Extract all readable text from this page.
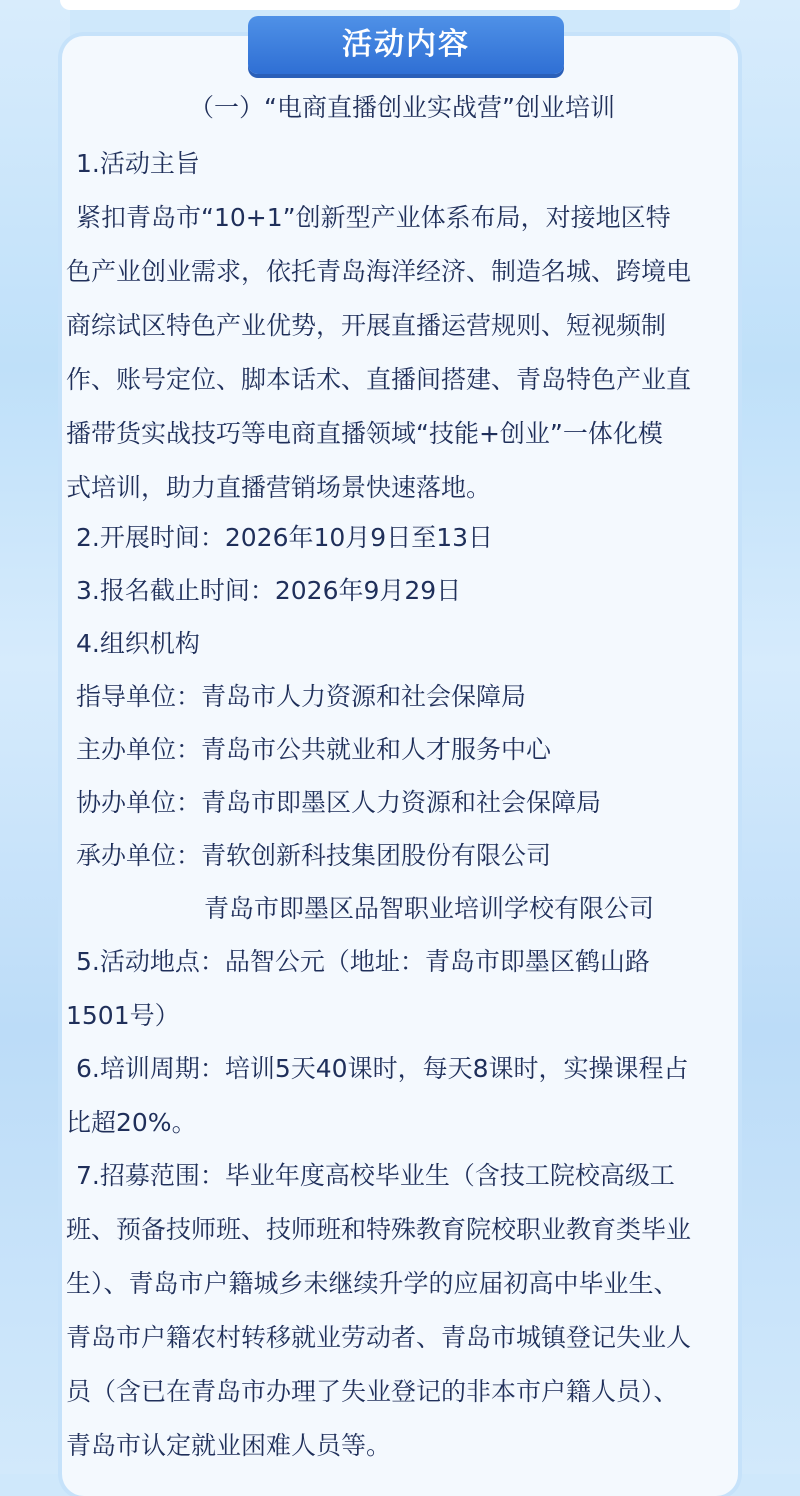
活动内容
（一）“电商直播创业实战营”创业培训
1.活动主旨
紧扣青岛市“10+1”创新型产业体系布局，对接地区特
色产业创业需求，依托青岛海洋经济、制造名城、跨境电
商综试区特色产业优势，开展直播运营规则、短视频制
作、账号定位、脚本话术、直播间搭建、青岛特色产业直
播带货实战技巧等电商直播领域“技能+创业”一体化模
式培训，助力直播营销场景快速落地。
2.开展时间：2026年10月9日至13日
3.报名截止时间：2026年9月29日
4.组织机构
指导单位：青岛市人力资源和社会保障局
主办单位：青岛市公共就业和人才服务中心
协办单位：青岛市即墨区人力资源和社会保障局
承办单位：青软创新科技集团股份有限公司
青岛市即墨区品智职业培训学校有限公司
5.活动地点：品智公元（地址：青岛市即墨区鹤山路
1501号）
6.培训周期：培训5天40课时，每天8课时，实操课程占
比超20%。
7.招募范围：毕业年度高校毕业生（含技工院校高级工
班、预备技师班、技师班和特殊教育院校职业教育类毕业
生）、青岛市户籍城乡未继续升学的应届初高中毕业生、
青岛市户籍农村转移就业劳动者、青岛市城镇登记失业人
员（含已在青岛市办理了失业登记的非本市户籍人员）、
青岛市认定就业困难人员等。
